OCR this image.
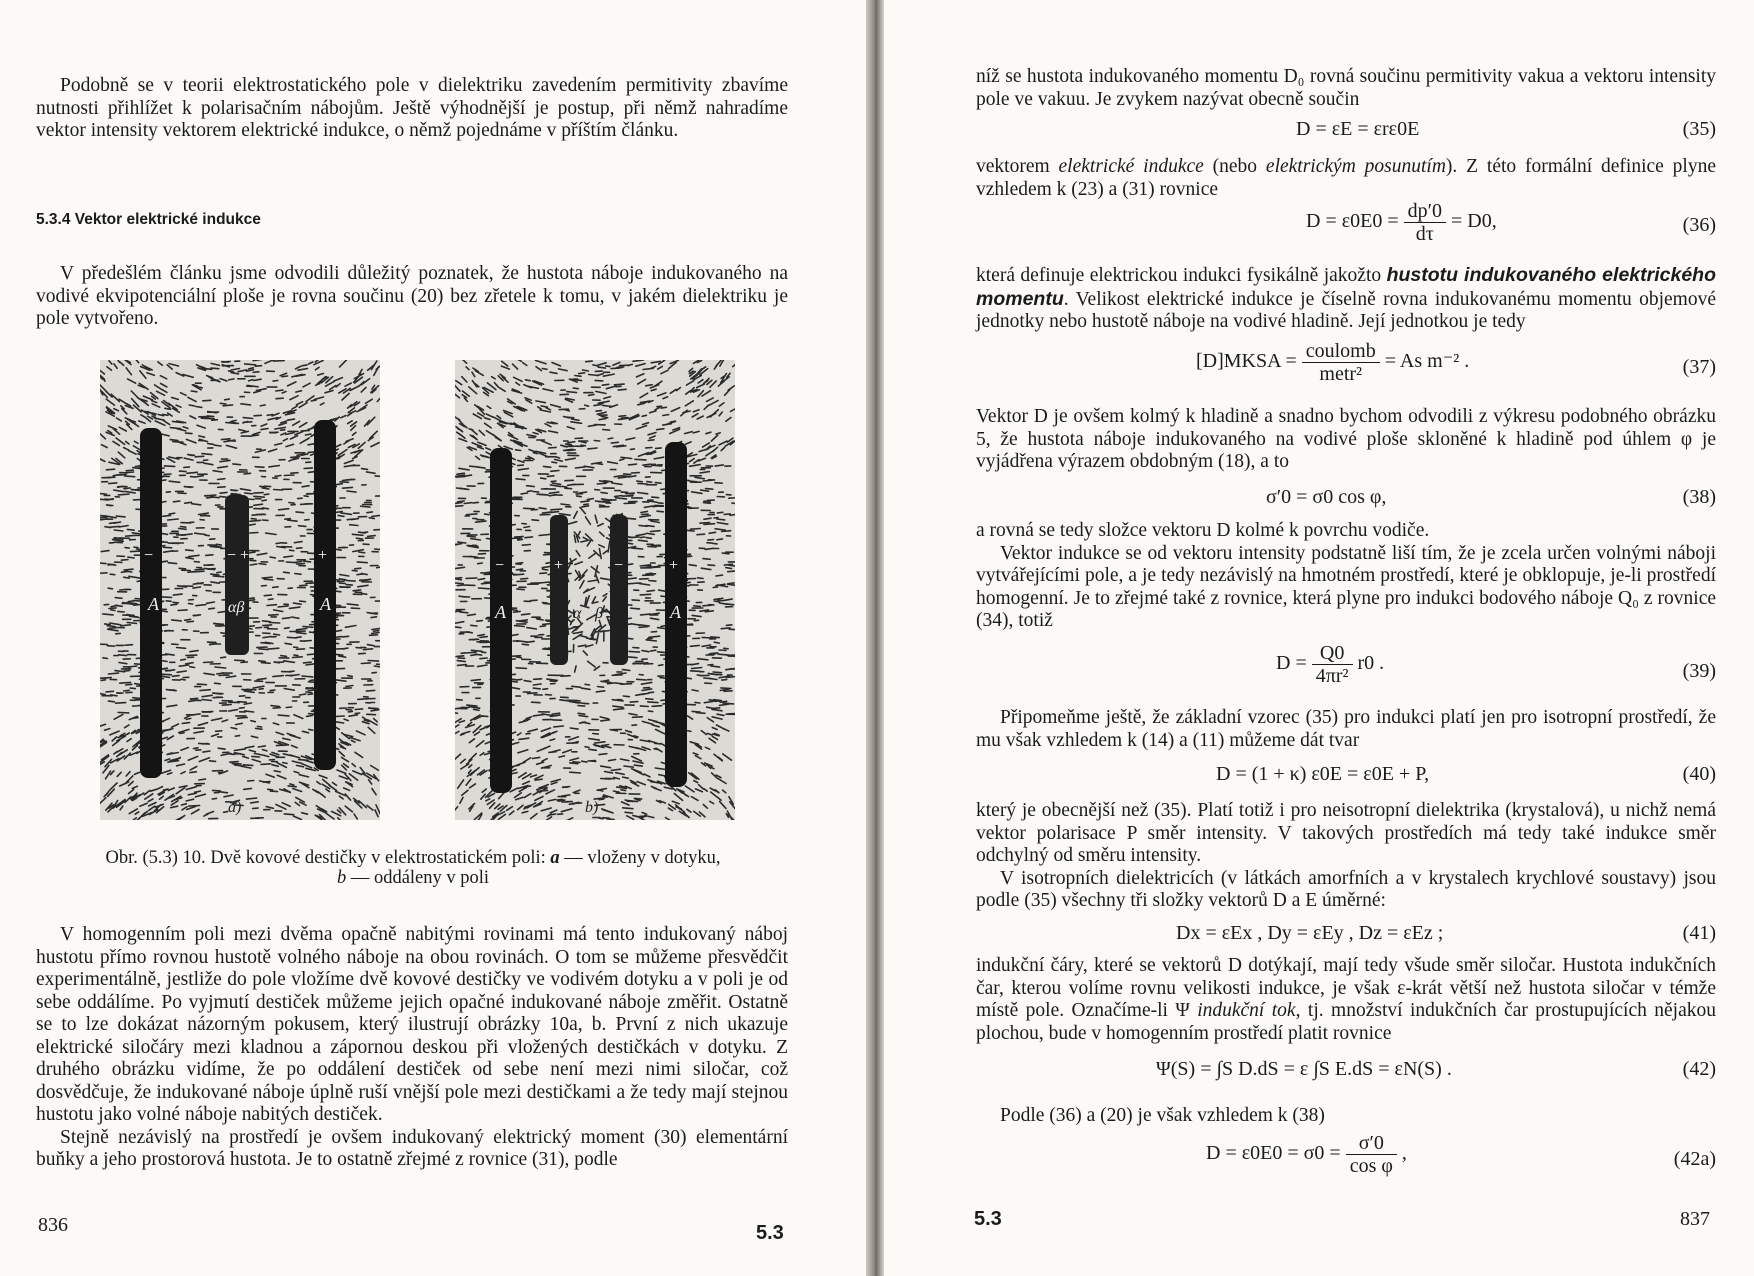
Podobně se v teorii elektrostatického pole v dielektriku zavedením permitivity zbavíme nutnosti přihlížet k polarisačním nábojům. Ještě výhodnější je postup, při němž nahradíme vektor intensity vektorem elektrické indukce, o němž pojednáme v příštím článku.

5.3.4 Vektor elektrické indukce

V předešlém článku jsme odvodili důležitý poznatek, že hustota náboje indukovaného na vodivé ekvipotenciální ploše je rovna součinu (20) bez zřetele k tomu, v jakém dielektriku je pole vytvořeno.

A	αβ	A
−	− +	+
a)
A	α β	A
−	+	−	+
b)
Obr. (5.3) 10. Dvě kovové destičky v elektrostatickém poli: a — vloženy v dotyku,
b — oddáleny v poli

V homogenním poli mezi dvěma opačně nabitými rovinami má tento indukovaný náboj hustotu přímo rovnou hustotě volného náboje na obou rovinách. O tom se můžeme přesvědčit experimentálně, jestliže do pole vložíme dvě kovové destičky ve vodivém dotyku a v poli je od sebe oddálíme. Po vyjmutí destiček můžeme jejich opačné indukované náboje změřit. Ostatně se to lze dokázat názorným pokusem, který ilustrují obrázky 10a, b. První z nich ukazuje elektrické siločáry mezi kladnou a zápornou deskou při vložených destičkách v dotyku. Z druhého obrázku vidíme, že po oddálení destiček od sebe není mezi nimi siločar, což dosvědčuje, že indukované náboje úplně ruší vnější pole mezi destičkami a že tedy mají stejnou hustotu jako volné náboje nabitých destiček.

Stejně nezávislý na prostředí je ovšem indukovaný elektrický moment (30) elementární buňky a jeho prostorová hustota. Je to ostatně zřejmé z rovnice (31), podle

836	5.3

níž se hustota indukovaného momentu D₀ rovná součinu permitivity vakua a vektoru intensity pole ve vakuu. Je zvykem nazývat obecně součin

D = εE = εrε0E	(35)

vektorem elektrické indukce (nebo elektrickým posunutím). Z této formální definice plyne vzhledem k (23) a (31) rovnice

$D = \varepsilon 0E0 = \frac{dp'0}{d\tau} = D0$,	(36)

která definuje elektrickou indukci fysikálně jakožto hustotu indukovaného elektrického momentu. Velikost elektrické indukce je číselně rovna indukovanému momentu objemové jednotky nebo hustotě náboje na vodivé hladině. Její jednotkou je tedy

[D]MKSA = $\frac{\text{coulomb}}{\text{metr²}} = As$ m⁻² .	(37)

Vektor D je ovšem kolmý k hladině a snadno bychom odvodili z výkresu podobného obrázku 5, že hustota náboje indukovaného na vodivé ploše skloněné k hladině pod úhlem φ je vyjádřena výrazem obdobným (18), a to

σ′0 = σ0 cos φ,	(38)

a rovná se tedy složce vektoru D kolmé k povrchu vodiče.

Vektor indukce se od vektoru intensity podstatně liší tím, že je zcela určen volnými náboji vytvářejícími pole, a je tedy nezávislý na hmotném prostředí, které je obklopuje, je-li prostředí homogenní. Je to zřejmé také z rovnice, která plyne pro indukci bodového náboje Q₀ z rovnice (34), totiž

$D = \frac{Q0}{\text{4πr²}} r0$ .	(39)

Připomeňme ještě, že základní vzorec (35) pro indukci platí jen pro isotropní prostředí, že mu však vzhledem k (14) a (11) můžeme dát tvar

D = (1 + κ) ε0E = ε0E + P,	(40)

který je obecnější než (35). Platí totiž i pro neisotropní dielektrika (krystalová), u nichž nemá vektor polarisace P směr intensity. V takových prostředích má tedy také indukce směr odchylný od směru intensity.

V isotropních dielektricích (v látkách amorfních a v krystalech krychlové soustavy) jsou podle (35) všechny tři složky vektorů D a E úměrné:

Dx = εEx , Dy = εEy , Dz = εEz ;	(41)

indukční čáry, které se vektorů D dotýkají, mají tedy všude směr siločar. Hustota indukčních čar, kterou volíme rovnu velikosti indukce, je však ε-krát větší než hustota siločar v témže místě pole. Označíme-li Ψ indukční tok, tj. množství indukčních čar prostupujících nějakou plochou, bude v homogenním prostředí platit rovnice

Ψ(S) = ∫S D.dS = ε ∫S E.dS = εN(S) .	(42)

Podle (36) a (20) je však vzhledem k (38)

$D = \varepsilon 0E0 = \sigma 0 = \frac{\sigma'0}{\text{cos φ}}$ ,	(42a)
5.3	837
